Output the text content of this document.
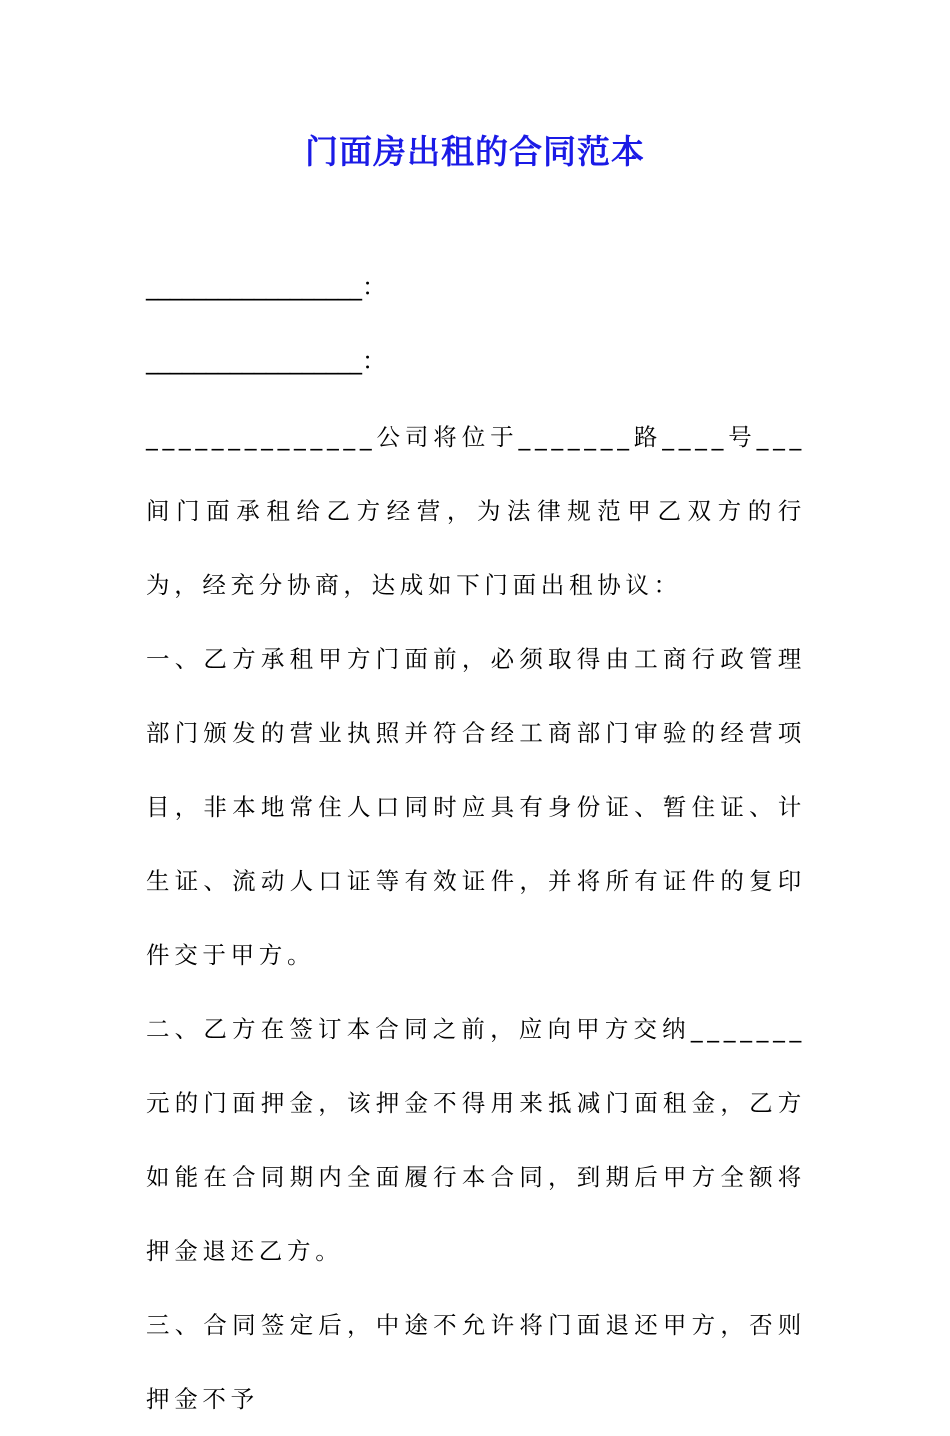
门面房出租的合同范本
__________________：
__________________：

______________公司将位于_______路____号___间门面承租给乙方经营，为法律规范甲乙双方的行为，经充分协商，达成如下门面出租协议：

一、乙方承租甲方门面前，必须取得由工商行政管理部门颁发的营业执照并符合经工商部门审验的经营项目，非本地常住人口同时应具有身份证、暂住证、计生证、流动人口证等有效证件，并将所有证件的复印件交于甲方。

二、乙方在签订本合同之前，应向甲方交纳_______元的门面押金，该押金不得用来抵减门面租金，乙方如能在合同期内全面履行本合同，到期后甲方全额将押金退还乙方。

三、合同签定后，中途不允许将门面退还甲方，否则押金不予
